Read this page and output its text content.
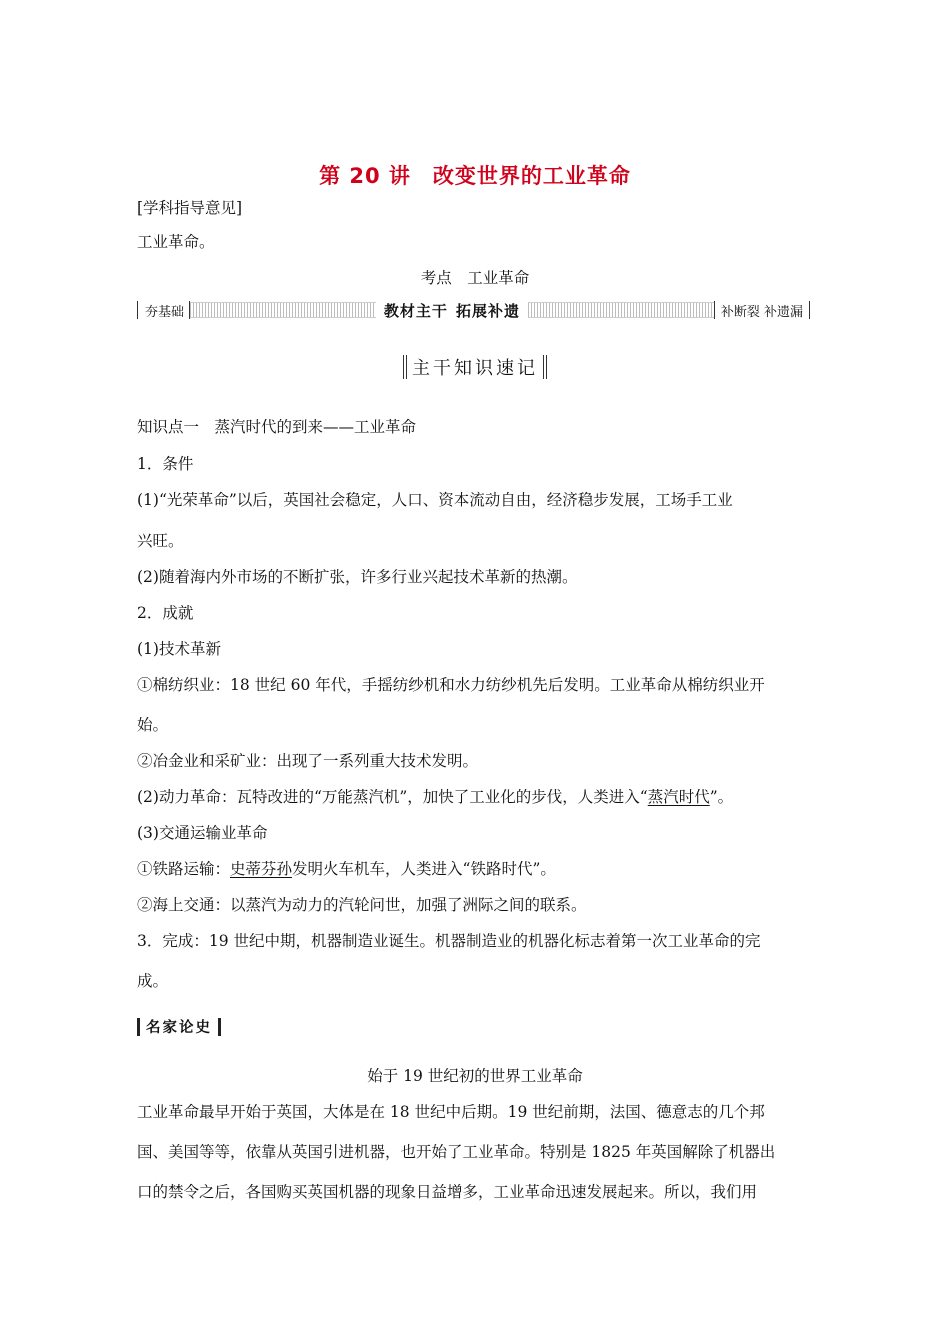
第 20 讲　改变世界的工业革命
[学科指导意见]
工业革命。
考点　工业革命
夯基础	教材主干 拓展补遗	补断裂 补遗漏
主干知识速记
知识点一　蒸汽时代的到来——工业革命
1．条件
(1)“光荣革命”以后，英国社会稳定，人口、资本流动自由，经济稳步发展，工场手工业
兴旺。
(2)随着海内外市场的不断扩张，许多行业兴起技术革新的热潮。
2．成就
(1)技术革新
①棉纺织业：18 世纪 60 年代，手摇纺纱机和水力纺纱机先后发明。工业革命从棉纺织业开
始。
②冶金业和采矿业：出现了一系列重大技术发明。
(2)动力革命：瓦特改进的“万能蒸汽机”，加快了工业化的步伐，人类进入“蒸汽时代”。
(3)交通运输业革命
①铁路运输：史蒂芬孙发明火车机车，人类进入“铁路时代”。
②海上交通：以蒸汽为动力的汽轮问世，加强了洲际之间的联系。
3．完成：19 世纪中期，机器制造业诞生。机器制造业的机器化标志着第一次工业革命的完
成。
名家论史
始于 19 世纪初的世界工业革命
工业革命最早开始于英国，大体是在 18 世纪中后期。19 世纪前期，法国、德意志的几个邦
国、美国等等，依靠从英国引进机器，也开始了工业革命。特别是 1825 年英国解除了机器出
口的禁令之后，各国购买英国机器的现象日益增多，工业革命迅速发展起来。所以，我们用
